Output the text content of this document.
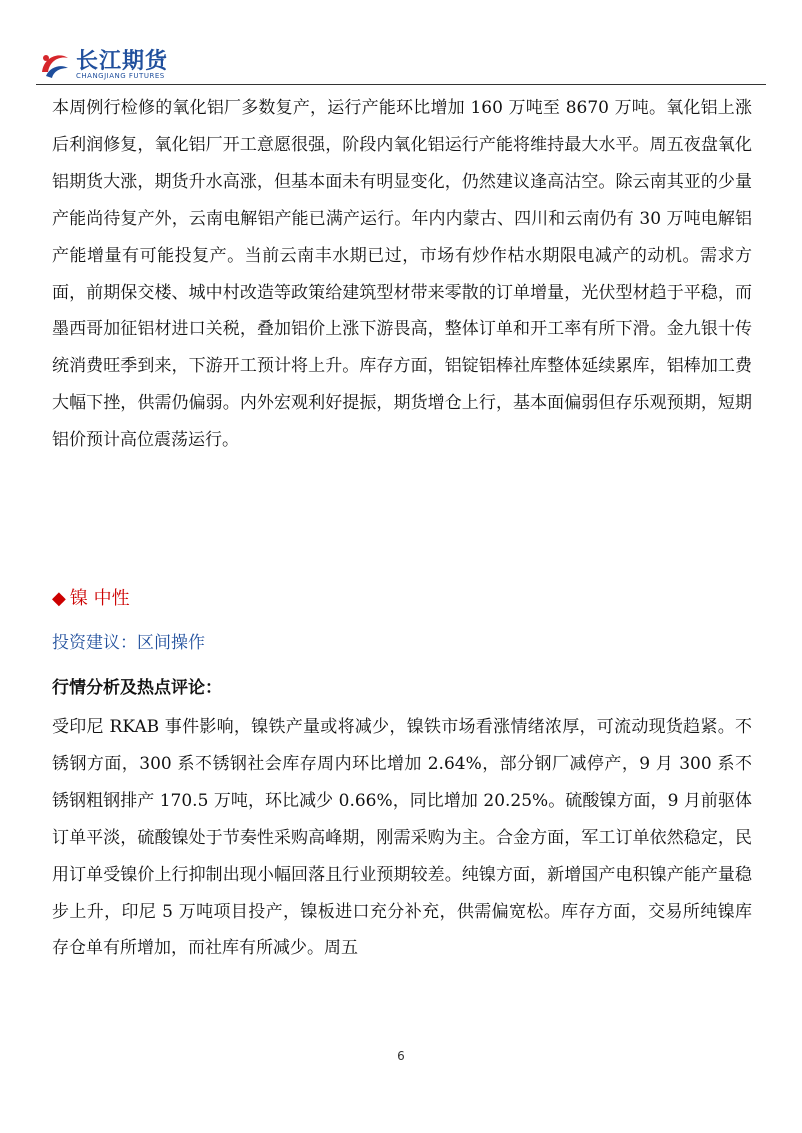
长江期货
CHANGJIANG FUTURES

本周例行检修的氧化铝厂多数复产，运行产能环比增加 160 万吨至 8670 万吨。氧化铝上涨后利润修复，氧化铝厂开工意愿很强，阶段内氧化铝运行产能将维持最大水平。周五夜盘氧化铝期货大涨，期货升水高涨，但基本面未有明显变化，仍然建议逢高沽空。除云南其亚的少量产能尚待复产外，云南电解铝产能已满产运行。年内内蒙古、四川和云南仍有 30 万吨电解铝产能增量有可能投复产。当前云南丰水期已过，市场有炒作枯水期限电减产的动机。需求方面，前期保交楼、城中村改造等政策给建筑型材带来零散的订单增量，光伏型材趋于平稳，而墨西哥加征铝材进口关税，叠加铝价上涨下游畏高，整体订单和开工率有所下滑。金九银十传统消费旺季到来，下游开工预计将上升。库存方面，铝锭铝棒社库整体延续累库，铝棒加工费大幅下挫，供需仍偏弱。内外宏观利好提振，期货增仓上行，基本面偏弱但存乐观预期，短期铝价预计高位震荡运行。

◆ 镍 中性
投资建议：区间操作
行情分析及热点评论：

受印尼 RKAB 事件影响，镍铁产量或将减少，镍铁市场看涨情绪浓厚，可流动现货趋紧。不锈钢方面，300 系不锈钢社会库存周内环比增加 2.64%，部分钢厂减停产，9 月 300 系不锈钢粗钢排产 170.5 万吨，环比减少 0.66%，同比增加 20.25%。硫酸镍方面，9 月前驱体订单平淡，硫酸镍处于节奏性采购高峰期，刚需采购为主。合金方面，军工订单依然稳定，民用订单受镍价上行抑制出现小幅回落且行业预期较差。纯镍方面，新增国产电积镍产能产量稳步上升，印尼 5 万吨项目投产，镍板进口充分补充，供需偏宽松。库存方面，交易所纯镍库存仓单有所增加，而社库有所减少。周五

6
